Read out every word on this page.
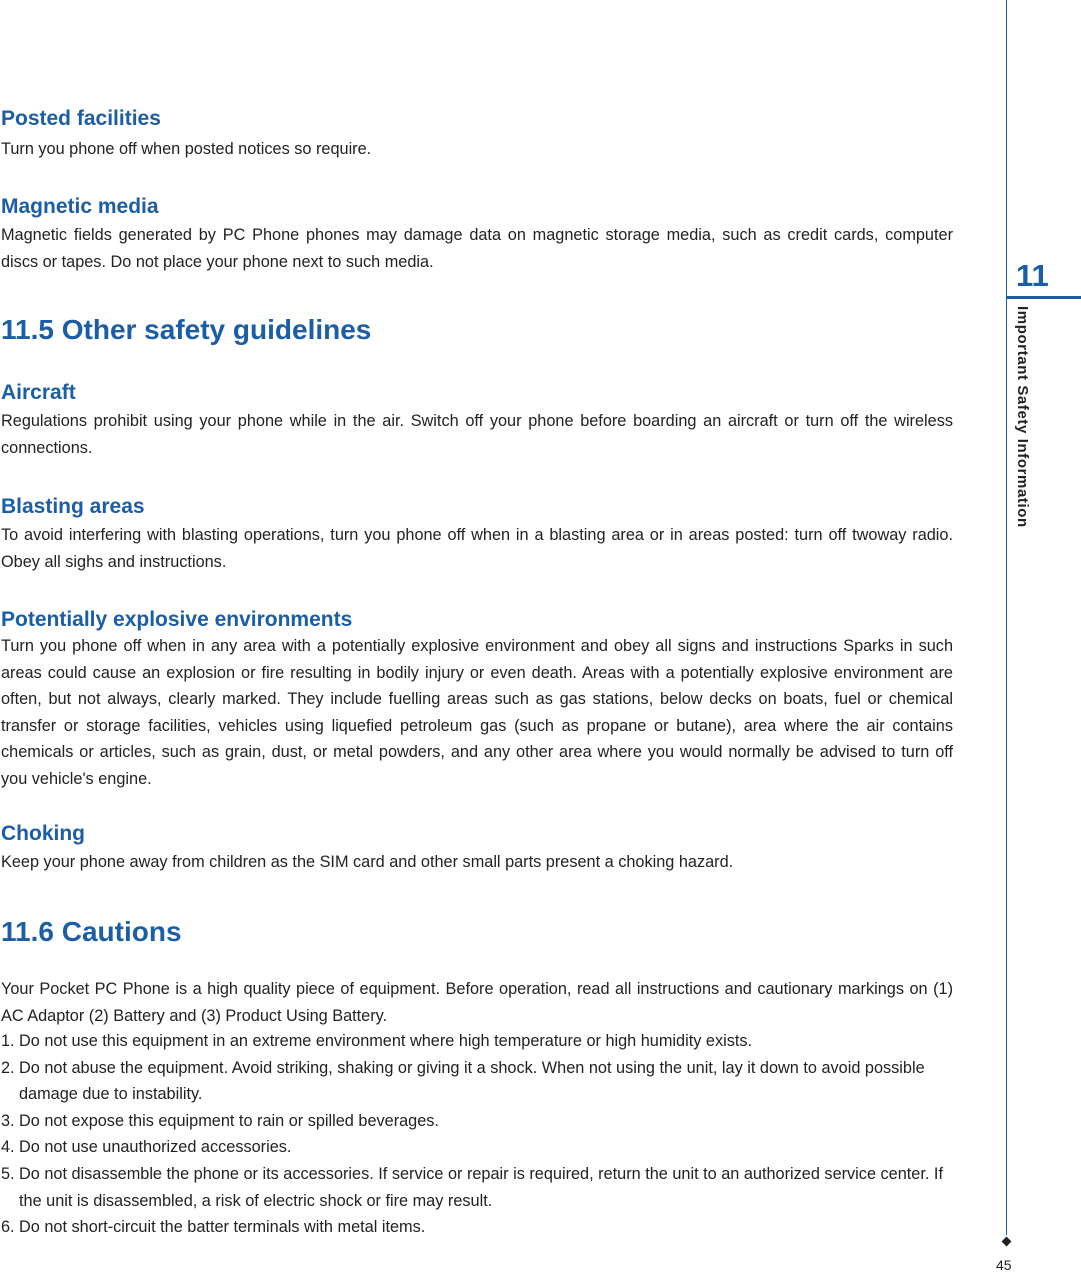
Posted facilities

Turn you phone off when posted notices so require.

Magnetic media

Magnetic fields generated by PC Phone phones may damage data on magnetic storage media, such as credit cards, computer discs or tapes. Do not place your phone next to such media.

11.5 Other safety guidelines
Aircraft

Regulations prohibit using your phone while in the air. Switch off your phone before boarding an aircraft or turn off the wireless connections.

Blasting areas

To avoid interfering with blasting operations, turn you phone off when in a blasting area or in areas posted: turn off twoway radio. Obey all sighs and instructions.

Potentially explosive environments

Turn you phone off when in any area with a potentially explosive environment and obey all signs and instructions Sparks in such areas could cause an explosion or fire resulting in bodily injury or even death. Areas with a potentially explosive environment are often, but not always, clearly marked. They include fuelling areas such as gas stations, below decks on boats, fuel or chemical transfer or storage facilities, vehicles using liquefied petroleum gas (such as propane or butane), area where the air contains chemicals or articles, such as grain, dust, or metal powders, and any other area where you would normally be advised to turn off you vehicle's engine.

Choking

Keep your phone away from children as the SIM card and other small parts present a choking hazard.

11.6 Cautions

Your Pocket PC Phone is a high quality piece of equipment. Before operation, read all instructions and cautionary markings on (1) AC Adaptor (2) Battery and (3) Product Using Battery.

1. Do not use this equipment in an extreme environment where high temperature or high humidity exists.
2. Do not abuse the equipment. Avoid striking, shaking or giving it a shock. When not using the unit, lay it down to avoid possible damage due to instability.
3. Do not expose this equipment to rain or spilled beverages.
4. Do not use unauthorized accessories.
5. Do not disassemble the phone or its accessories. If service or repair is required, return the unit to an authorized service center. If the unit is disassembled, a risk of electric shock or fire may result.
6. Do not short-circuit the batter terminals with metal items.
11
Important Safety Information
45
